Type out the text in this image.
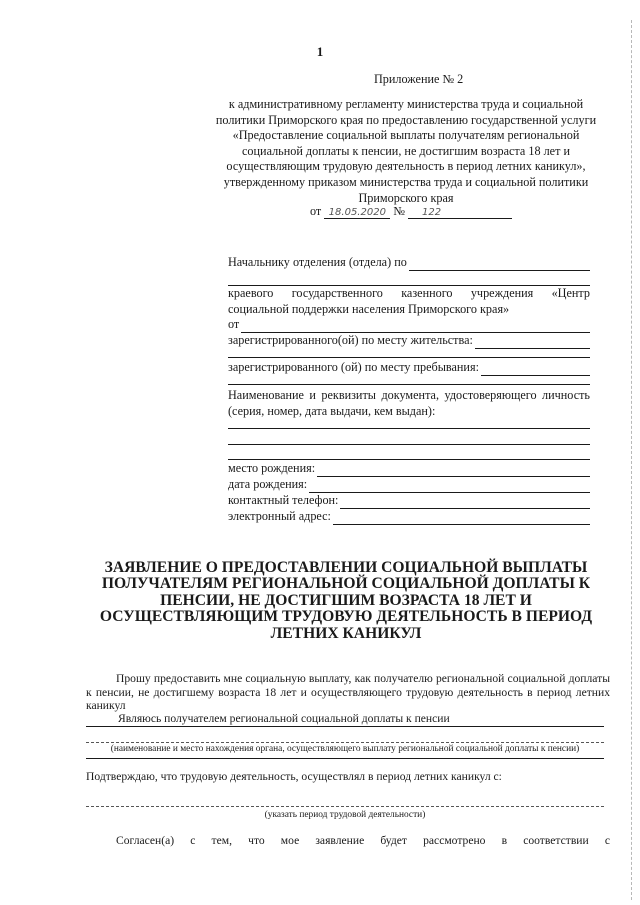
1
Приложение № 2
к административному регламенту министерства труда и социальной политики Приморского края по предоставлению государственной услуги «Предоставление социальной выплаты получателям региональной социальной доплаты к пенсии, не достигшим возраста 18 лет и осуществляющим трудовую деятельность в период летних каникул», утвержденному приказом министерства труда и социальной политики Приморского края
от 18.05.2020 № 122
Начальнику отделения (отдела) по
краевого государственного казенного учреждения «Центр социальной поддержки населения Приморского края»
от
зарегистрированного(ой) по месту жительства:
зарегистрированного (ой) по месту пребывания:
Наименование и реквизиты документа, удостоверяющего личность (серия, номер, дата выдачи, кем выдан):
место рождения:
дата рождения:
контактный телефон:
электронный адрес:
ЗАЯВЛЕНИЕ О ПРЕДОСТАВЛЕНИИ СОЦИАЛЬНОЙ ВЫПЛАТЫ ПОЛУЧАТЕЛЯМ РЕГИОНАЛЬНОЙ СОЦИАЛЬНОЙ ДОПЛАТЫ К ПЕНСИИ, НЕ ДОСТИГШИМ ВОЗРАСТА 18 ЛЕТ И ОСУЩЕСТВЛЯЮЩИМ ТРУДОВУЮ ДЕЯТЕЛЬНОСТЬ В ПЕРИОД ЛЕТНИХ КАНИКУЛ
Прошу предоставить мне социальную выплату, как получателю региональной социальной доплаты к пенсии, не достигшему возраста 18 лет и осуществляющего трудовую деятельность в период летних каникул
Являюсь получателем региональной социальной доплаты к пенсии
(наименование и место нахождения органа, осуществляющего выплату региональной социальной доплаты к пенсии)
Подтверждаю, что трудовую деятельность, осуществлял в период летних каникул с:
(указать период трудовой деятельности)
Согласен(а) с тем, что мое заявление будет рассмотрено в соответствии с
